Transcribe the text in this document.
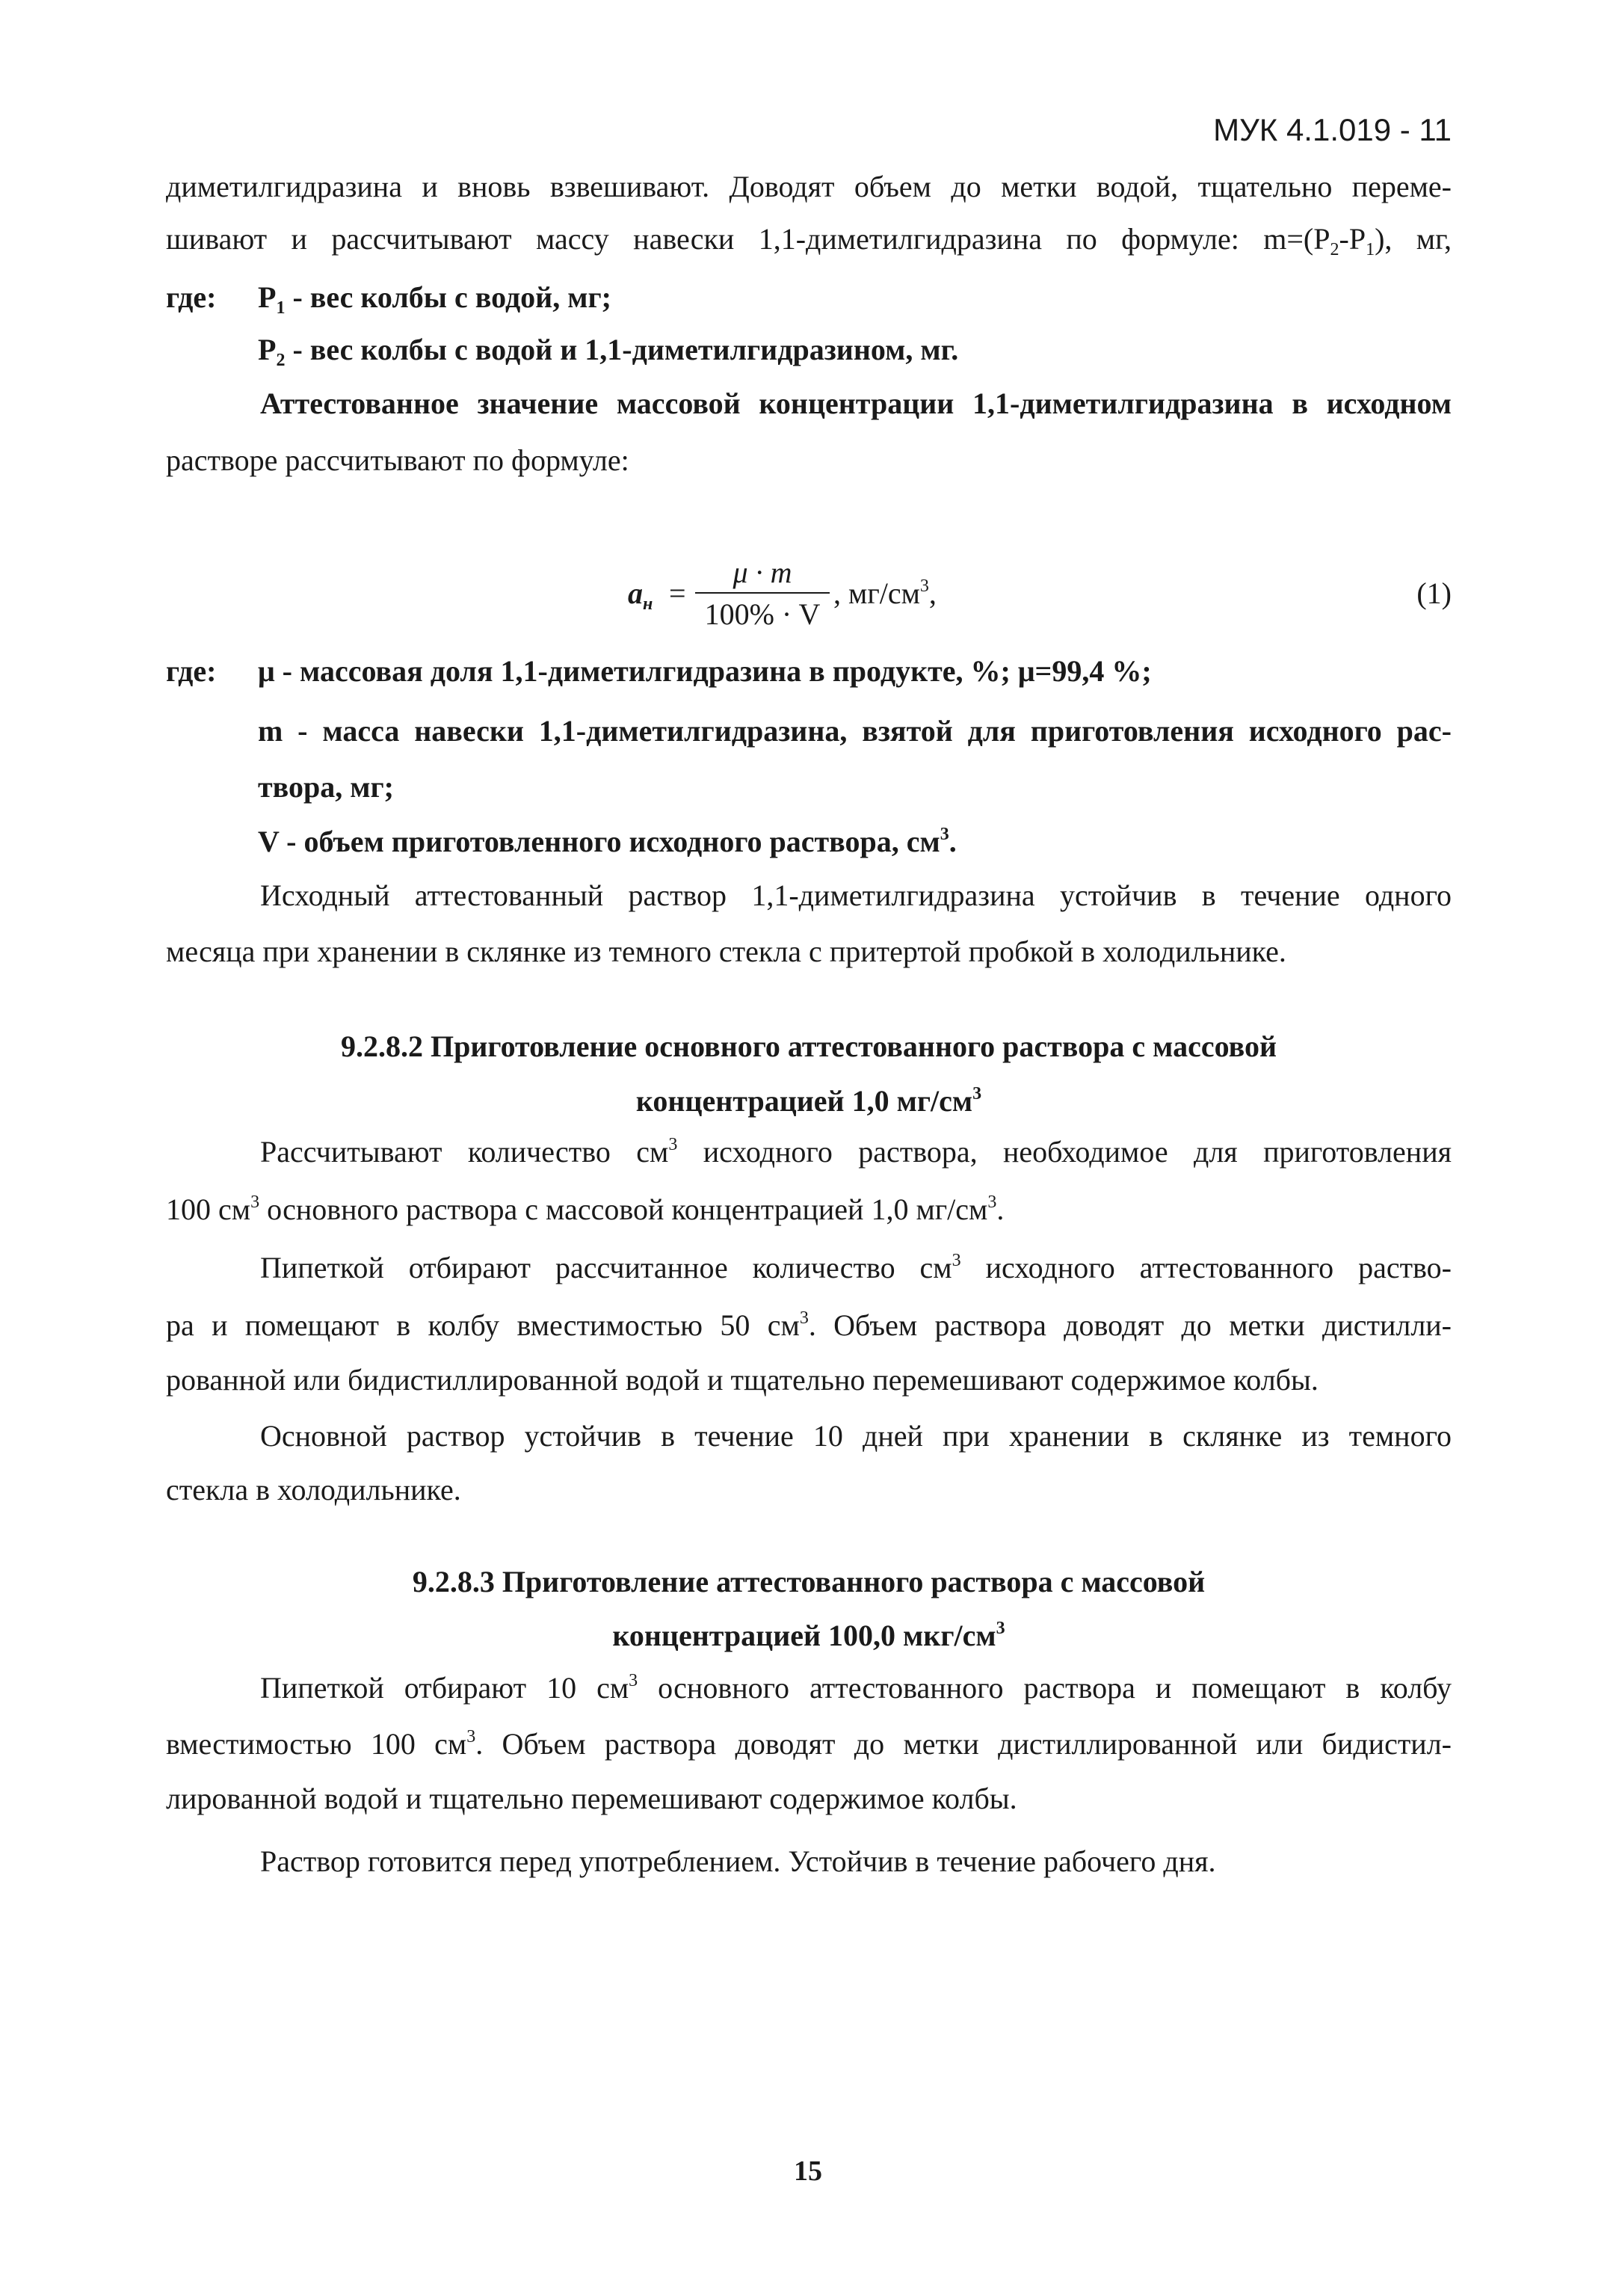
МУК 4.1.019 - 11
диметилгидразина и вновь взвешивают. Доводят объем до метки водой, тщательно переме-
шивают и рассчитывают массу навески 1,1-диметилгидразина по формуле: $m=(P_2-P_1)$, мг,
где: $P_1$ - вес колбы с водой, мг;
$P_2$ - вес колбы с водой и 1,1-диметилгидразином, мг.
Аттестованное значение массовой концентрации 1,1-диметилгидразина в исходном
растворе рассчитывают по формуле:
$a_н$ =
μ · m
100% · V
, $мг/см^3$,	(1)
где: μ - массовая доля 1,1-диметилгидразина в продукте, %; μ=99,4 %;
m - масса навески 1,1-диметилгидразина, взятой для приготовления исходного рас-
твора, мг;
V - объем приготовленного исходного раствора, $см^3$.
Исходный аттестованный раствор 1,1-диметилгидразина устойчив в течение одного
месяца при хранении в склянке из темного стекла с притертой пробкой в холодильнике.
9.2.8.2 Приготовление основного аттестованного раствора с массовой
концентрацией 1,0 $мг/см^3$
Рассчитывают количество $см^3$ исходного раствора, необходимое для приготовления
100 $см^3$ основного раствора с массовой концентрацией 1,0 $мг/см^3$.
Пипеткой отбирают рассчитанное количество $см^3$ исходного аттестованного раство-
ра и помещают в колбу вместимостью 50 $см^3$. Объем раствора доводят до метки дистилли-
рованной или бидистиллированной водой и тщательно перемешивают содержимое колбы.
Основной раствор устойчив в течение 10 дней при хранении в склянке из темного
стекла в холодильнике.
9.2.8.3 Приготовление аттестованного раствора с массовой
концентрацией 100,0 мкг/$см^3$
Пипеткой отбирают 10 $см^3$ основного аттестованного раствора и помещают в колбу
вместимостью 100 $см^3$. Объем раствора доводят до метки дистиллированной или бидистил-
лированной водой и тщательно перемешивают содержимое колбы.
Раствор готовится перед употреблением. Устойчив в течение рабочего дня.
15
